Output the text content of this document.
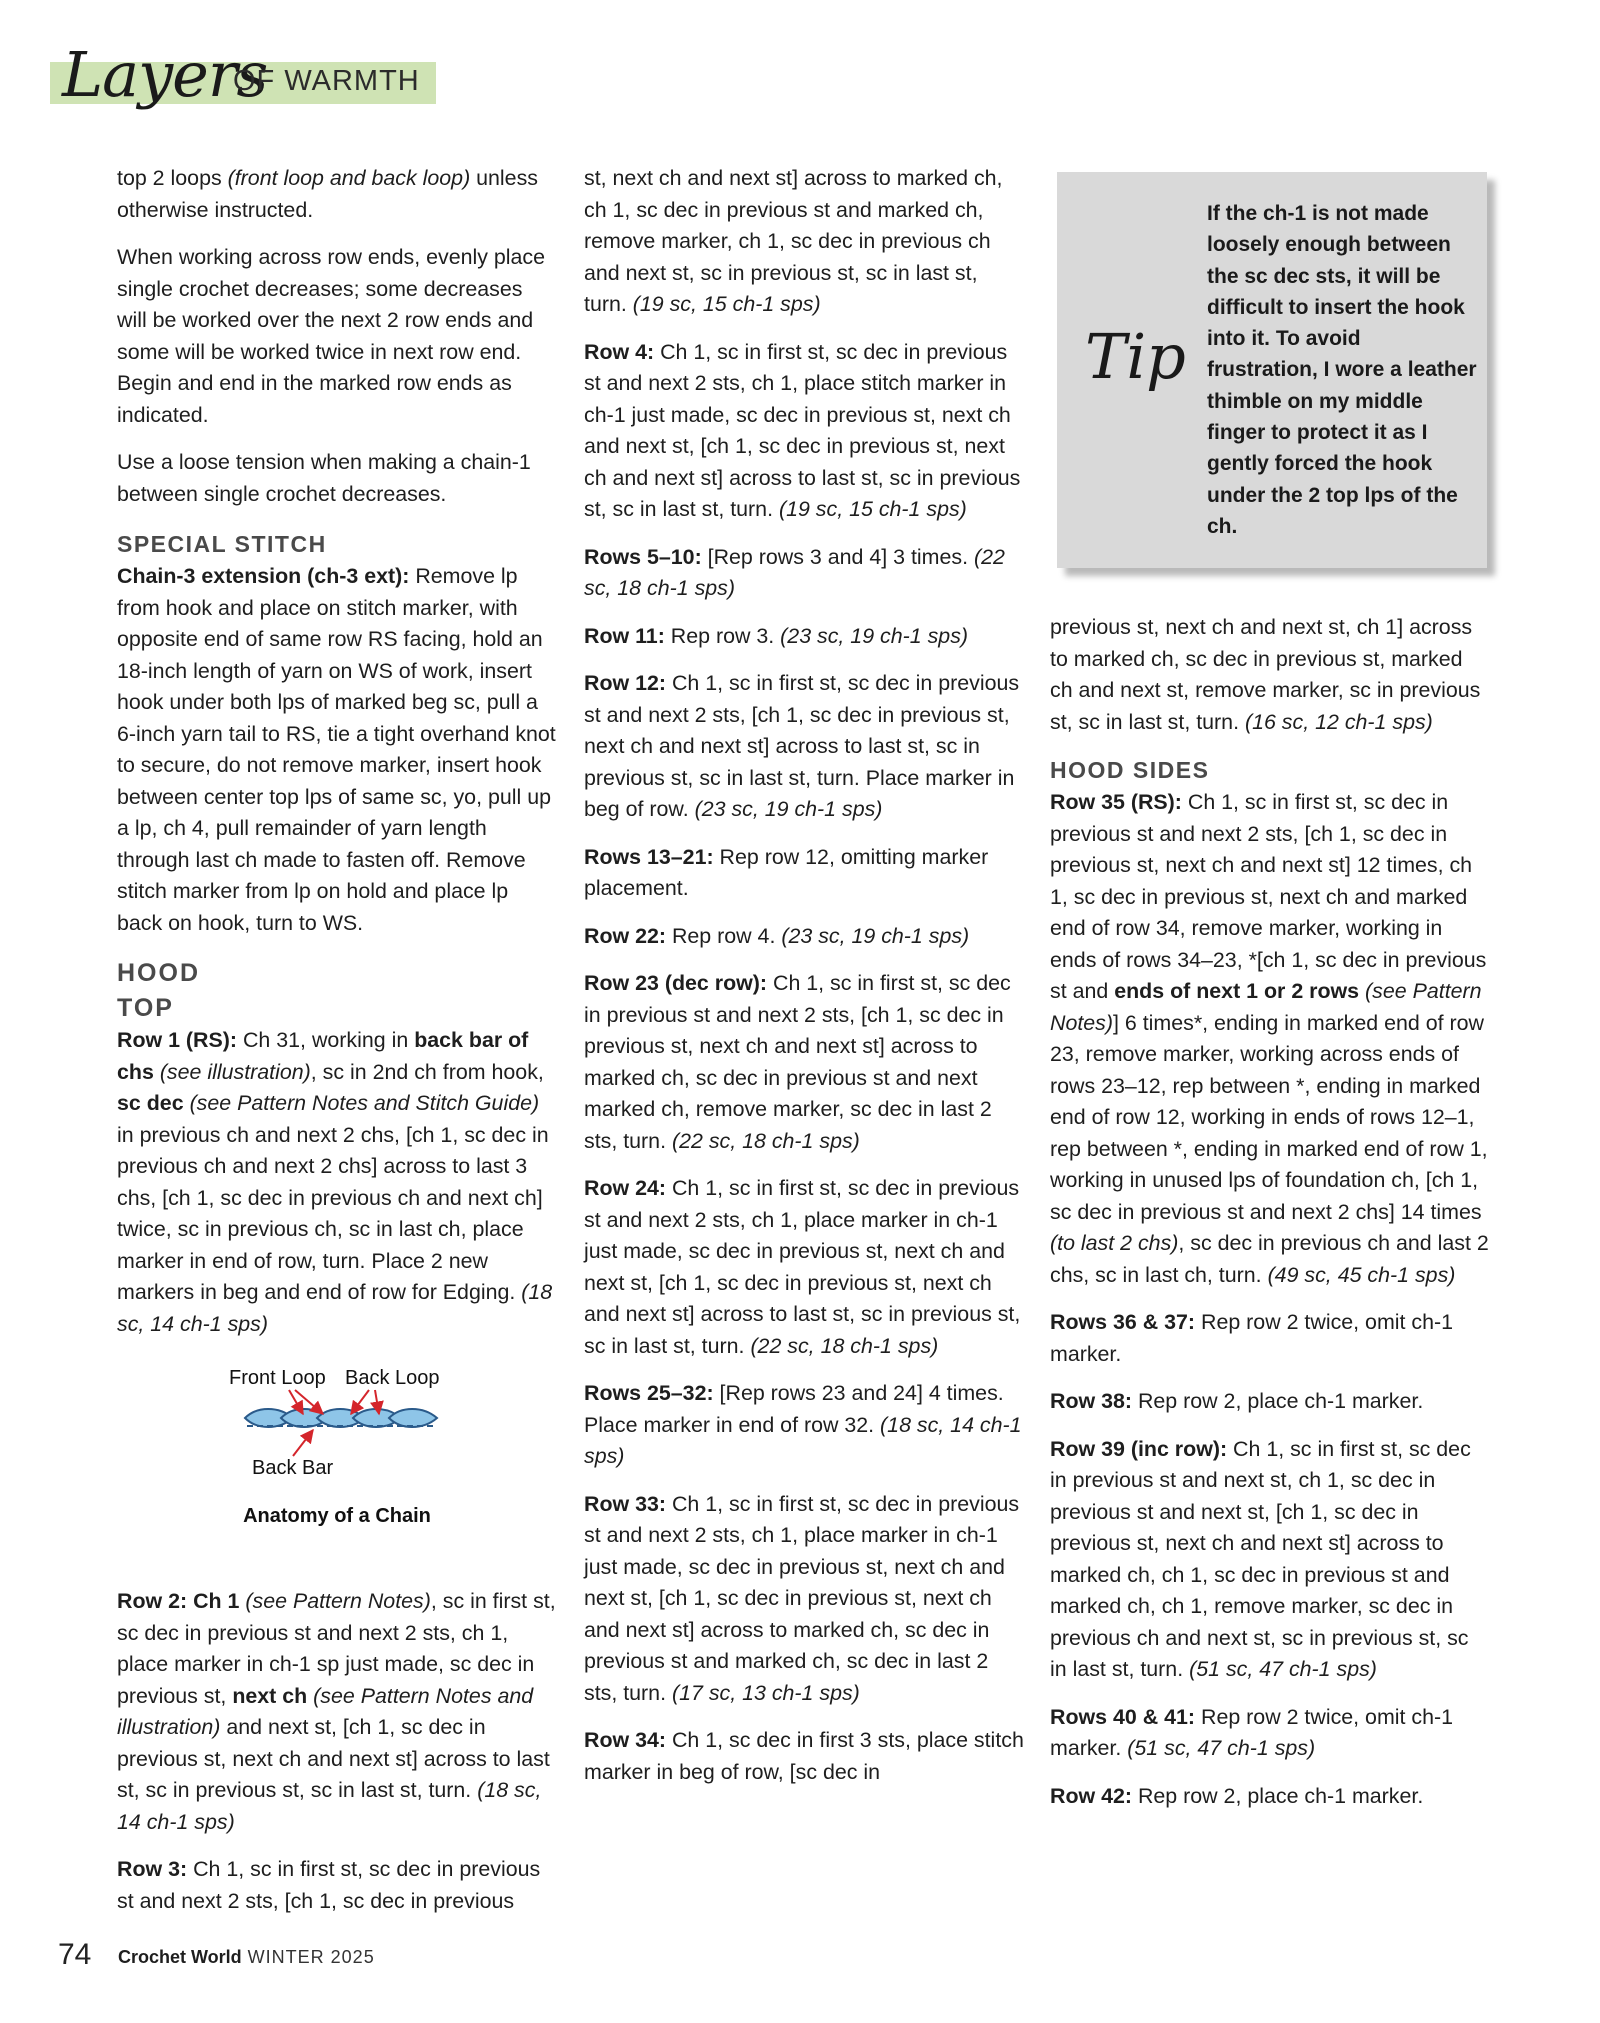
Layers
OF WARMTH

top 2 loops (front loop and back loop) unless otherwise instructed.

When working across row ends, evenly place single crochet decreases; some decreases will be worked over the next 2 row ends and some will be worked twice in next row end. Begin and end in the marked row ends as indicated.

Use a loose tension when making a chain-1 between single crochet decreases.

SPECIAL STITCH

Chain-3 extension (ch-3 ext): Remove lp from hook and place on stitch marker, with opposite end of same row RS facing, hold an 18-inch length of yarn on WS of work, insert hook under both lps of marked beg sc, pull a 6-inch yarn tail to RS, tie a tight overhand knot to secure, do not remove marker, insert hook between center top lps of same sc, yo, pull up a lp, ch 4, pull remainder of yarn length through last ch made to fasten off. Remove stitch marker from lp on hold and place lp back on hook, turn to WS.

HOOD
TOP

Row 1 (RS): Ch 31, working in back bar of chs (see illustration), sc in 2nd ch from hook, sc dec (see Pattern Notes and Stitch Guide) in previous ch and next 2 chs, [ch 1, sc dec in previous ch and next 2 chs] across to last 3 chs, [ch 1, sc dec in previous ch and next ch] twice, sc in previous ch, sc in last ch, place marker in end of row, turn. Place 2 new markers in beg and end of row for Edging. (18 sc, 14 ch-1 sps)

Front Loop Back Loop
Back Bar
Anatomy of a Chain

Row 2: Ch 1 (see Pattern Notes), sc in first st, sc dec in previous st and next 2 sts, ch 1, place marker in ch-1 sp just made, sc dec in previous st, next ch (see Pattern Notes and illustration) and next st, [ch 1, sc dec in previous st, next ch and next st] across to last st, sc in previous st, sc in last st, turn. (18 sc, 14 ch-1 sps)

Row 3: Ch 1, sc in first st, sc dec in previous st and next 2 sts, [ch 1, sc dec in previous

st, next ch and next st] across to marked ch, ch 1, sc dec in previous st and marked ch, remove marker, ch 1, sc dec in previous ch and next st, sc in previous st, sc in last st, turn. (19 sc, 15 ch-1 sps)

Row 4: Ch 1, sc in first st, sc dec in previous st and next 2 sts, ch 1, place stitch marker in ch-1 just made, sc dec in previous st, next ch and next st, [ch 1, sc dec in previous st, next ch and next st] across to last st, sc in previous st, sc in last st, turn. (19 sc, 15 ch-1 sps)

Rows 5–10: [Rep rows 3 and 4] 3 times. (22 sc, 18 ch-1 sps)

Row 11: Rep row 3. (23 sc, 19 ch-1 sps)

Row 12: Ch 1, sc in first st, sc dec in previous st and next 2 sts, [ch 1, sc dec in previous st, next ch and next st] across to last st, sc in previous st, sc in last st, turn. Place marker in beg of row. (23 sc, 19 ch-1 sps)

Rows 13–21: Rep row 12, omitting marker placement.

Row 22: Rep row 4. (23 sc, 19 ch-1 sps)

Row 23 (dec row): Ch 1, sc in first st, sc dec in previous st and next 2 sts, [ch 1, sc dec in previous st, next ch and next st] across to marked ch, sc dec in previous st and next marked ch, remove marker, sc dec in last 2 sts, turn. (22 sc, 18 ch-1 sps)

Row 24: Ch 1, sc in first st, sc dec in previous st and next 2 sts, ch 1, place marker in ch-1 just made, sc dec in previous st, next ch and next st, [ch 1, sc dec in previous st, next ch and next st] across to last st, sc in previous st, sc in last st, turn. (22 sc, 18 ch-1 sps)

Rows 25–32: [Rep rows 23 and 24] 4 times. Place marker in end of row 32. (18 sc, 14 ch-1 sps)

Row 33: Ch 1, sc in first st, sc dec in previous st and next 2 sts, ch 1, place marker in ch-1 just made, sc dec in previous st, next ch and next st, [ch 1, sc dec in previous st, next ch and next st] across to marked ch, sc dec in previous st and marked ch, sc dec in last 2 sts, turn. (17 sc, 13 ch-1 sps)

Row 34: Ch 1, sc dec in first 3 sts, place stitch marker in beg of row, [sc dec in

Tip
If the ch-1 is not made loosely enough between the sc dec sts, it will be difficult to insert the hook into it. To avoid frustration, I wore a leather thimble on my middle finger to protect it as I gently forced the hook under the 2 top lps of the ch.

previous st, next ch and next st, ch 1] across to marked ch, sc dec in previous st, marked ch and next st, remove marker, sc in previous st, sc in last st, turn. (16 sc, 12 ch-1 sps)

HOOD SIDES

Row 35 (RS): Ch 1, sc in first st, sc dec in previous st and next 2 sts, [ch 1, sc dec in previous st, next ch and next st] 12 times, ch 1, sc dec in previous st, next ch and marked end of row 34, remove marker, working in ends of rows 34–23, *[ch 1, sc dec in previous st and ends of next 1 or 2 rows (see Pattern Notes)] 6 times*, ending in marked end of row 23, remove marker, working across ends of rows 23–12, rep between *, ending in marked end of row 12, working in ends of rows 12–1, rep between *, ending in marked end of row 1, working in unused lps of foundation ch, [ch 1, sc dec in previous st and next 2 chs] 14 times (to last 2 chs), sc dec in previous ch and last 2 chs, sc in last ch, turn. (49 sc, 45 ch-1 sps)

Rows 36 & 37: Rep row 2 twice, omit ch-1 marker.

Row 38: Rep row 2, place ch-1 marker.

Row 39 (inc row): Ch 1, sc in first st, sc dec in previous st and next st, ch 1, sc dec in previous st and next st, [ch 1, sc dec in previous st, next ch and next st] across to marked ch, ch 1, sc dec in previous st and marked ch, ch 1, remove marker, sc dec in previous ch and next st, sc in previous st, sc in last st, turn. (51 sc, 47 ch-1 sps)

Rows 40 & 41: Rep row 2 twice, omit ch-1 marker. (51 sc, 47 ch-1 sps)

Row 42: Rep row 2, place ch-1 marker.

74 Crochet World WINTER 2025
